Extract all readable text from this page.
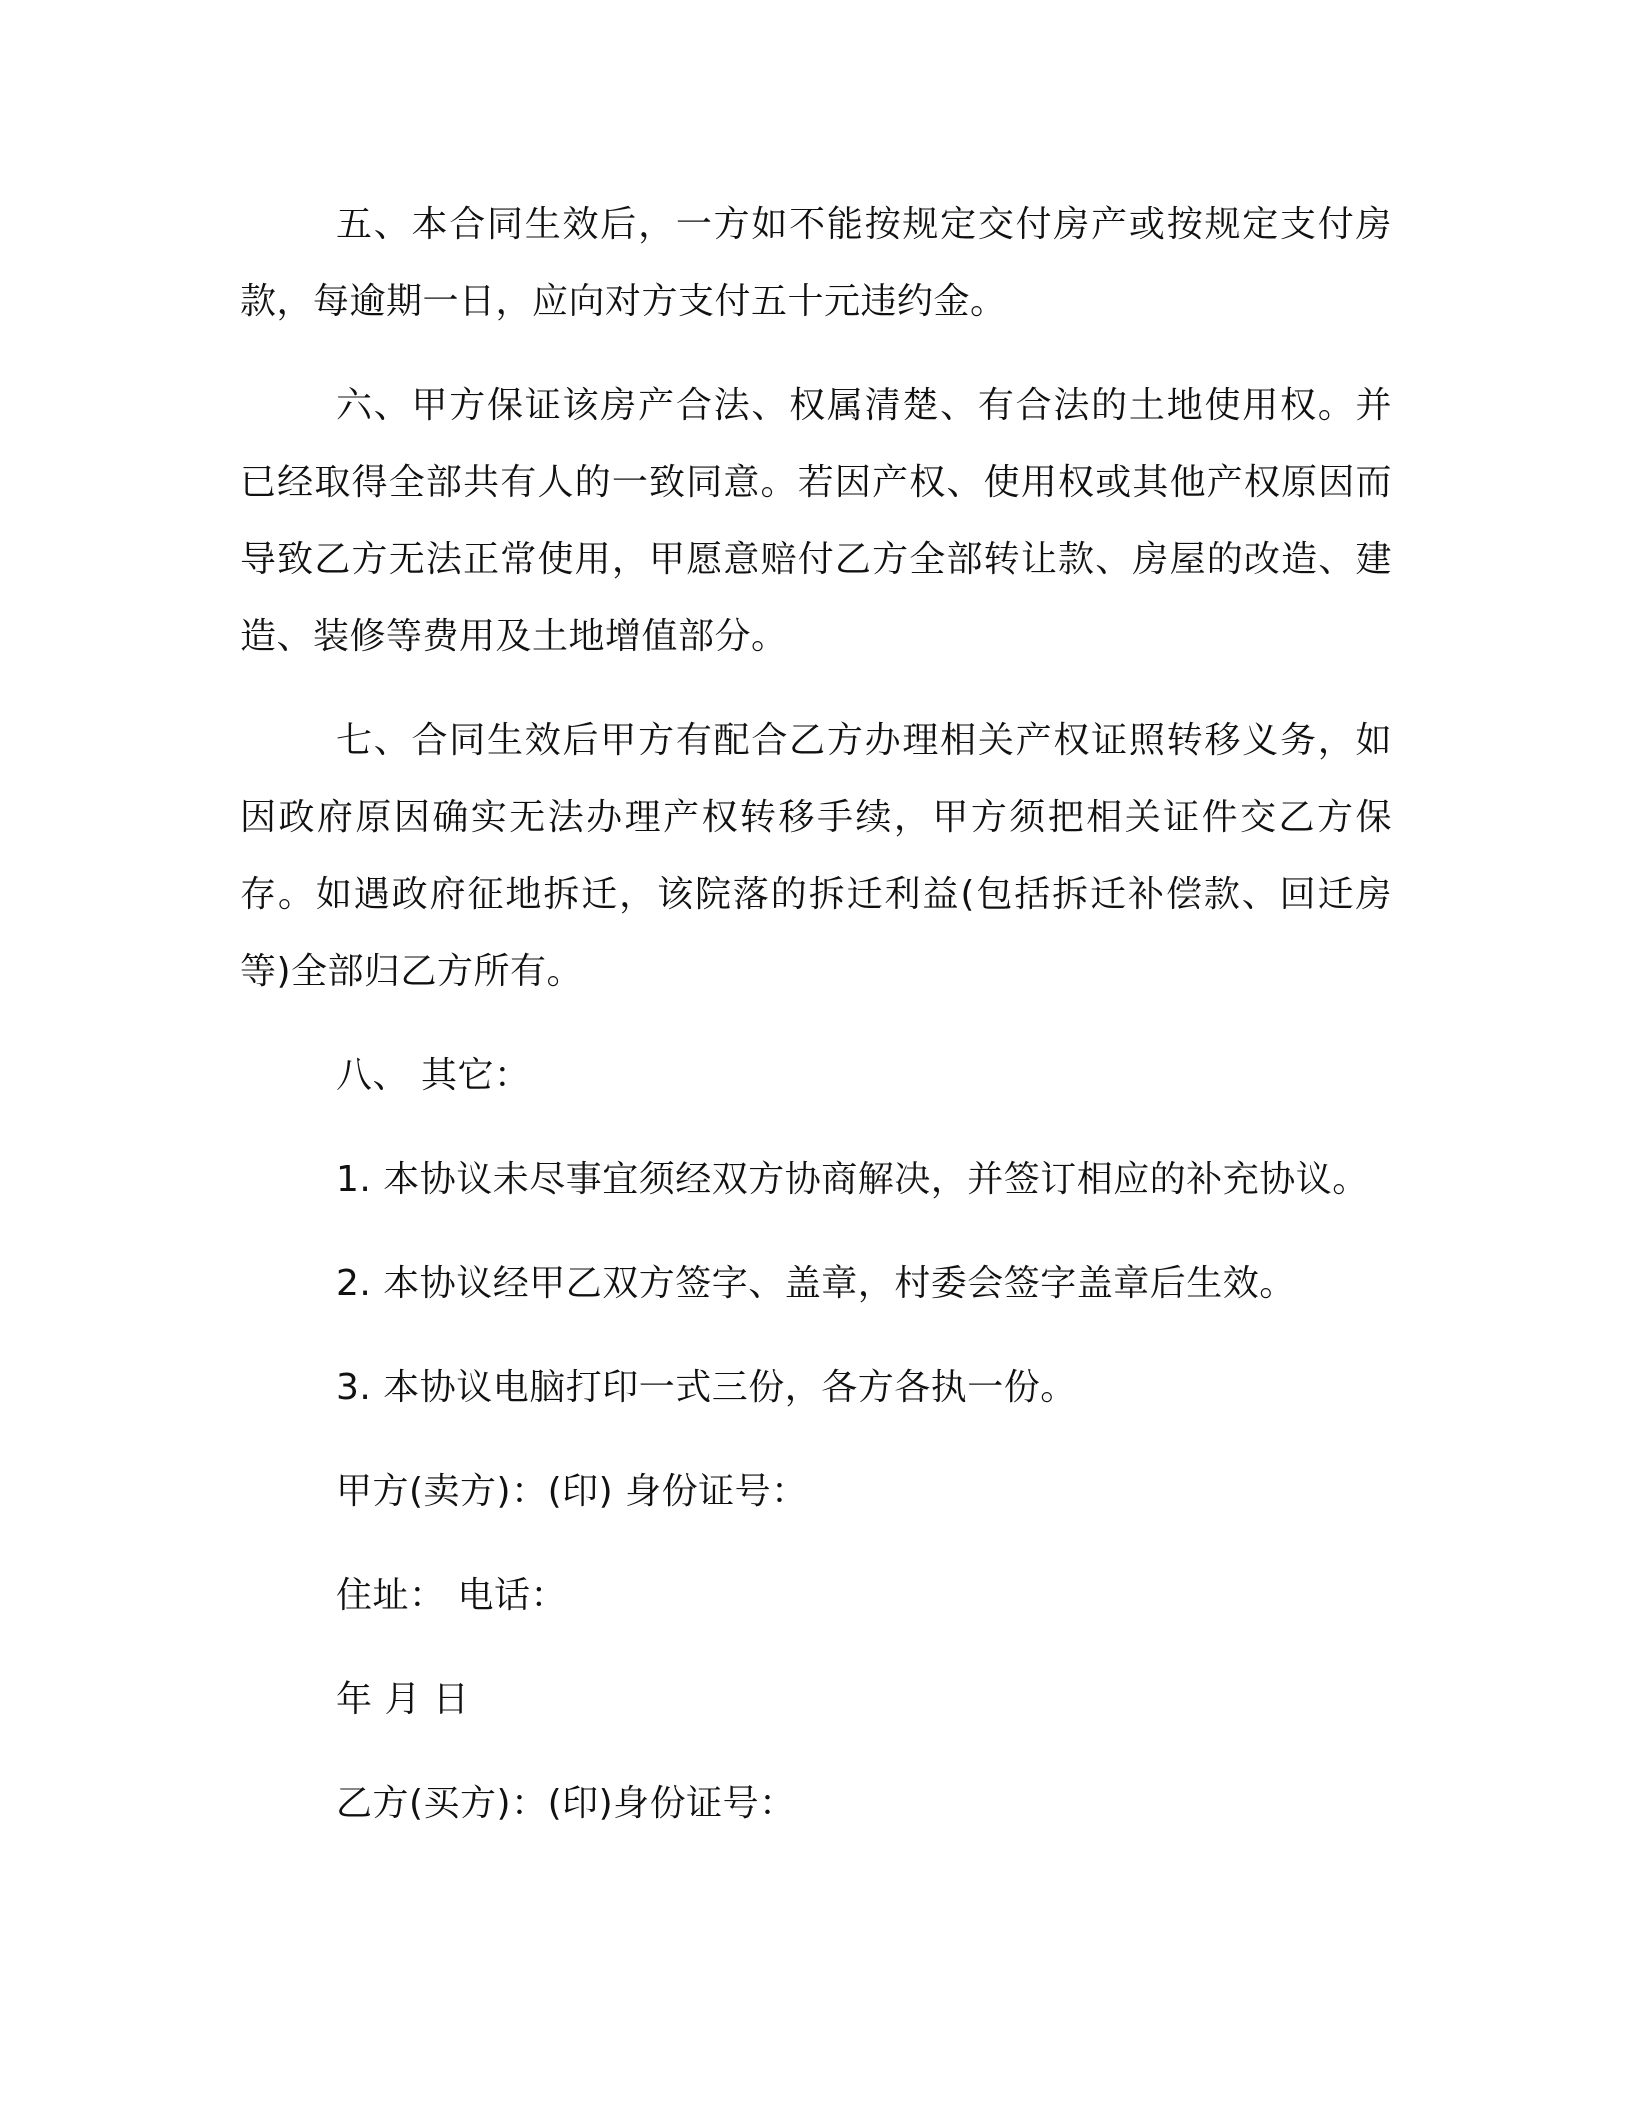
五、本合同生效后，一方如不能按规定交付房产或按规定支付房款，每逾期一日，应向对方支付五十元违约金。

六、甲方保证该房产合法、权属清楚、有合法的土地使用权。并已经取得全部共有人的一致同意。若因产权、使用权或其他产权原因而导致乙方无法正常使用，甲愿意赔付乙方全部转让款、房屋的改造、建造、装修等费用及土地增值部分。

七、合同生效后甲方有配合乙方办理相关产权证照转移义务，如因政府原因确实无法办理产权转移手续，甲方须把相关证件交乙方保存。如遇政府征地拆迁，该院落的拆迁利益(包括拆迁补偿款、回迁房等)全部归乙方所有。

八、 其它：

1. 本协议未尽事宜须经双方协商解决，并签订相应的补充协议。

2. 本协议经甲乙双方签字、盖章，村委会签字盖章后生效。

3. 本协议电脑打印一式三份，各方各执一份。

甲方(卖方)：(印) 身份证号：

住址： 电话：

年 月 日

乙方(买方)：(印)身份证号：
